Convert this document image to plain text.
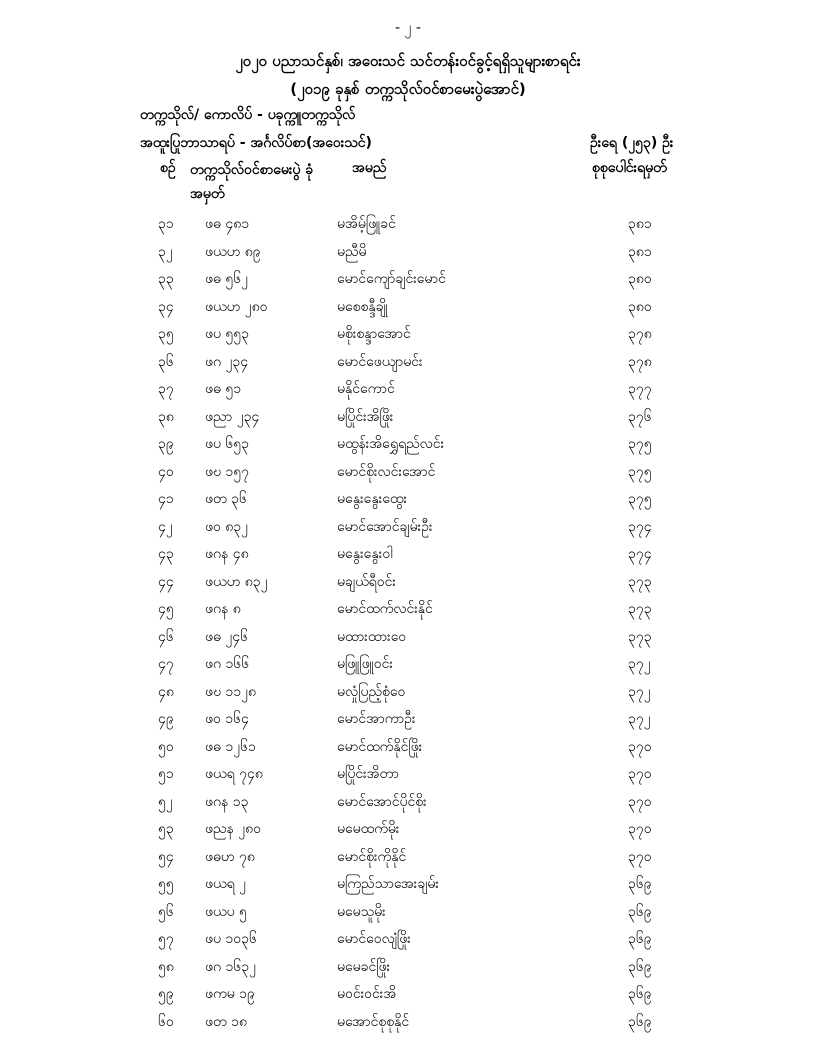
- ၂ -
၂၀၂၀ ပညာသင်နှစ်၊ အဝေးသင် သင်တန်းဝင်ခွင့်ရရှိသူများစာရင်း
(၂၀၁၉ ခုနှစ် တက္ကသိုလ်ဝင်စာမေးပွဲအောင်)
တက္ကသိုလ်/ ကောလိပ် - ပခုက္ကူတက္ကသိုလ်
အထူးပြုဘာသာရပ် - အင်္ဂလိပ်စာ(အဝေးသင်)	ဦးရေ (၂၅၃) ဦး
စဉ် တက္ကသိုလ်ဝင်စာမေးပွဲ ခုံအမှတ်
အမည်	စုစုပေါင်းရမှတ်
၃၁ ဖဓ ၄၈၁	မအိမ့်ဖြူခင်	၃၈၁
၃၂ ဖယဟ ၈၉	မညီမိ	၃၈၁
၃၃ ဖဓ ၅၆၂	မောင်ကျော်ချင်းမောင်	၃၈၀
၃၄ ဖယဟ ၂၈၀	မစေစန္ဒီချို	၃၈၀
၃၅ ဖပ ၅၅၃	မစိုးစန္ဒာအောင်	၃၇၈
၃၆ ဖဂ ၂၃၄	မောင်ဖေယျာမင်း	၃၇၈
၃၇ ဖဓ ၅၁	မနိုင်ကောင်	၃၇၇
၃၈ ဖညာ ၂၃၄	မပြိုင်းအိဖြိုး	၃၇၆
၃၉ ဖပ ၆၅၃	မထွန်းအိရွှေရည်လင်း	၃၇၅
၄၀ ဖဎ ၁၅၇	မောင်စိုးလင်းအောင်	၃၇၅
၄၁ ဖတ ၃၆	မနွေးနွေးထွေး	၃၇၅
၄၂ ဖဝ ၈၃၂	မောင်အောင်ချမ်းဦး	၃၇၄
၄၃ ဖဂန ၄၈	မနွေးနွေးဝါ	၃၇၄
၄၄ ဖယဟ ၈၃၂	မချယ်ရီဝင်း	၃၇၃
၄၅ ဖဂန ၈	မောင်ထက်လင်းနိုင်	၃၇၃
၄၆ ဖဓ ၂၄၆	မထားထားဝေ	၃၇၃
၄၇ ဖဂ ၁၆၆	မဖြူဖြူဝင်း	၃၇၂
၄၈ ဖဎ ၁၁၂၈	မလှုံပြည့်စုံဝေ	၃၇၂
၄၉ ဖဝ ၁၆၄	မောင်အာကာဦး	၃၇၂
၅၀ ဖဓ ၁၂၆၁	မောင်ထက်နိုင်ဖြိုး	၃၇၀
၅၁ ဖယရ ၇၄၈	မပြိုင်းအိတာ	၃၇၀
၅၂ ဖဂန ၁၃	မောင်အောင်ပိုင်စိုး	၃၇၀
၅၃ ဖညန ၂၈၀	မမေထက်မိုး	၃၇၀
၅၄ ဖဓဟ ၇၈	မောင်စိုးကိုနိုင်	၃၇၀
၅၅ ဖယရ ၂	မကြည်သာအေးချမ်း	၃၆၉
၅၆ ဖယပ ၅	မမေသူမိုး	၃၆၉
၅၇ ဖပ ၁၀၃၆	မောင်ဝေလျံဖြိုး	၃၆၉
၅၈ ဖဂ ၁၆၃၂	မမေခင်ဖြိုး	၃၆၉
၅၉ ဖကမ ၁၉	မဝင်းဝင်းအိ	၃၆၉
၆၀ ဖတ ၁၈	မအောင်စုစုနိုင်	၃၆၉
